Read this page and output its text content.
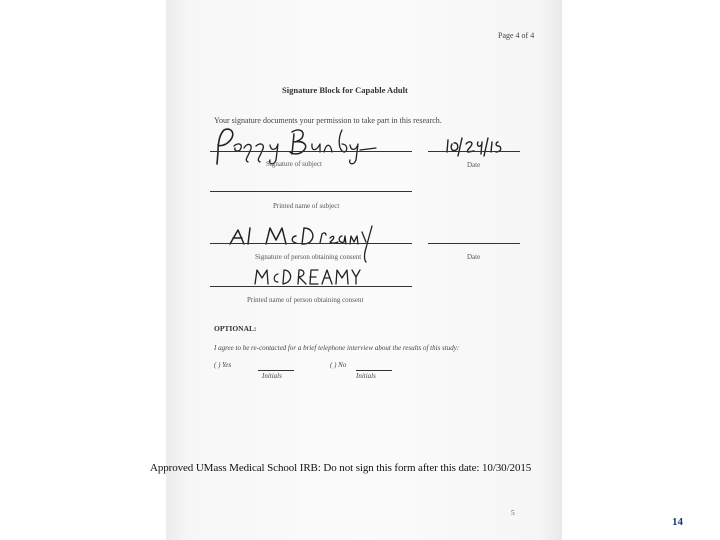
Page 4 of 4
Signature Block for Capable Adult
Your signature documents your permission to take part in this research.
Signature of subject	Date
Printed name of subject
Signature of person obtaining consent	Date
Printed name of person obtaining consent
OPTIONAL:
I agree to be re-contacted for a brief telephone interview about the results of this study:
( ) Yes
Initials
( ) No
Initials
Approved UMass Medical School IRB: Do not sign this form after this date: 10/30/2015
5
14
